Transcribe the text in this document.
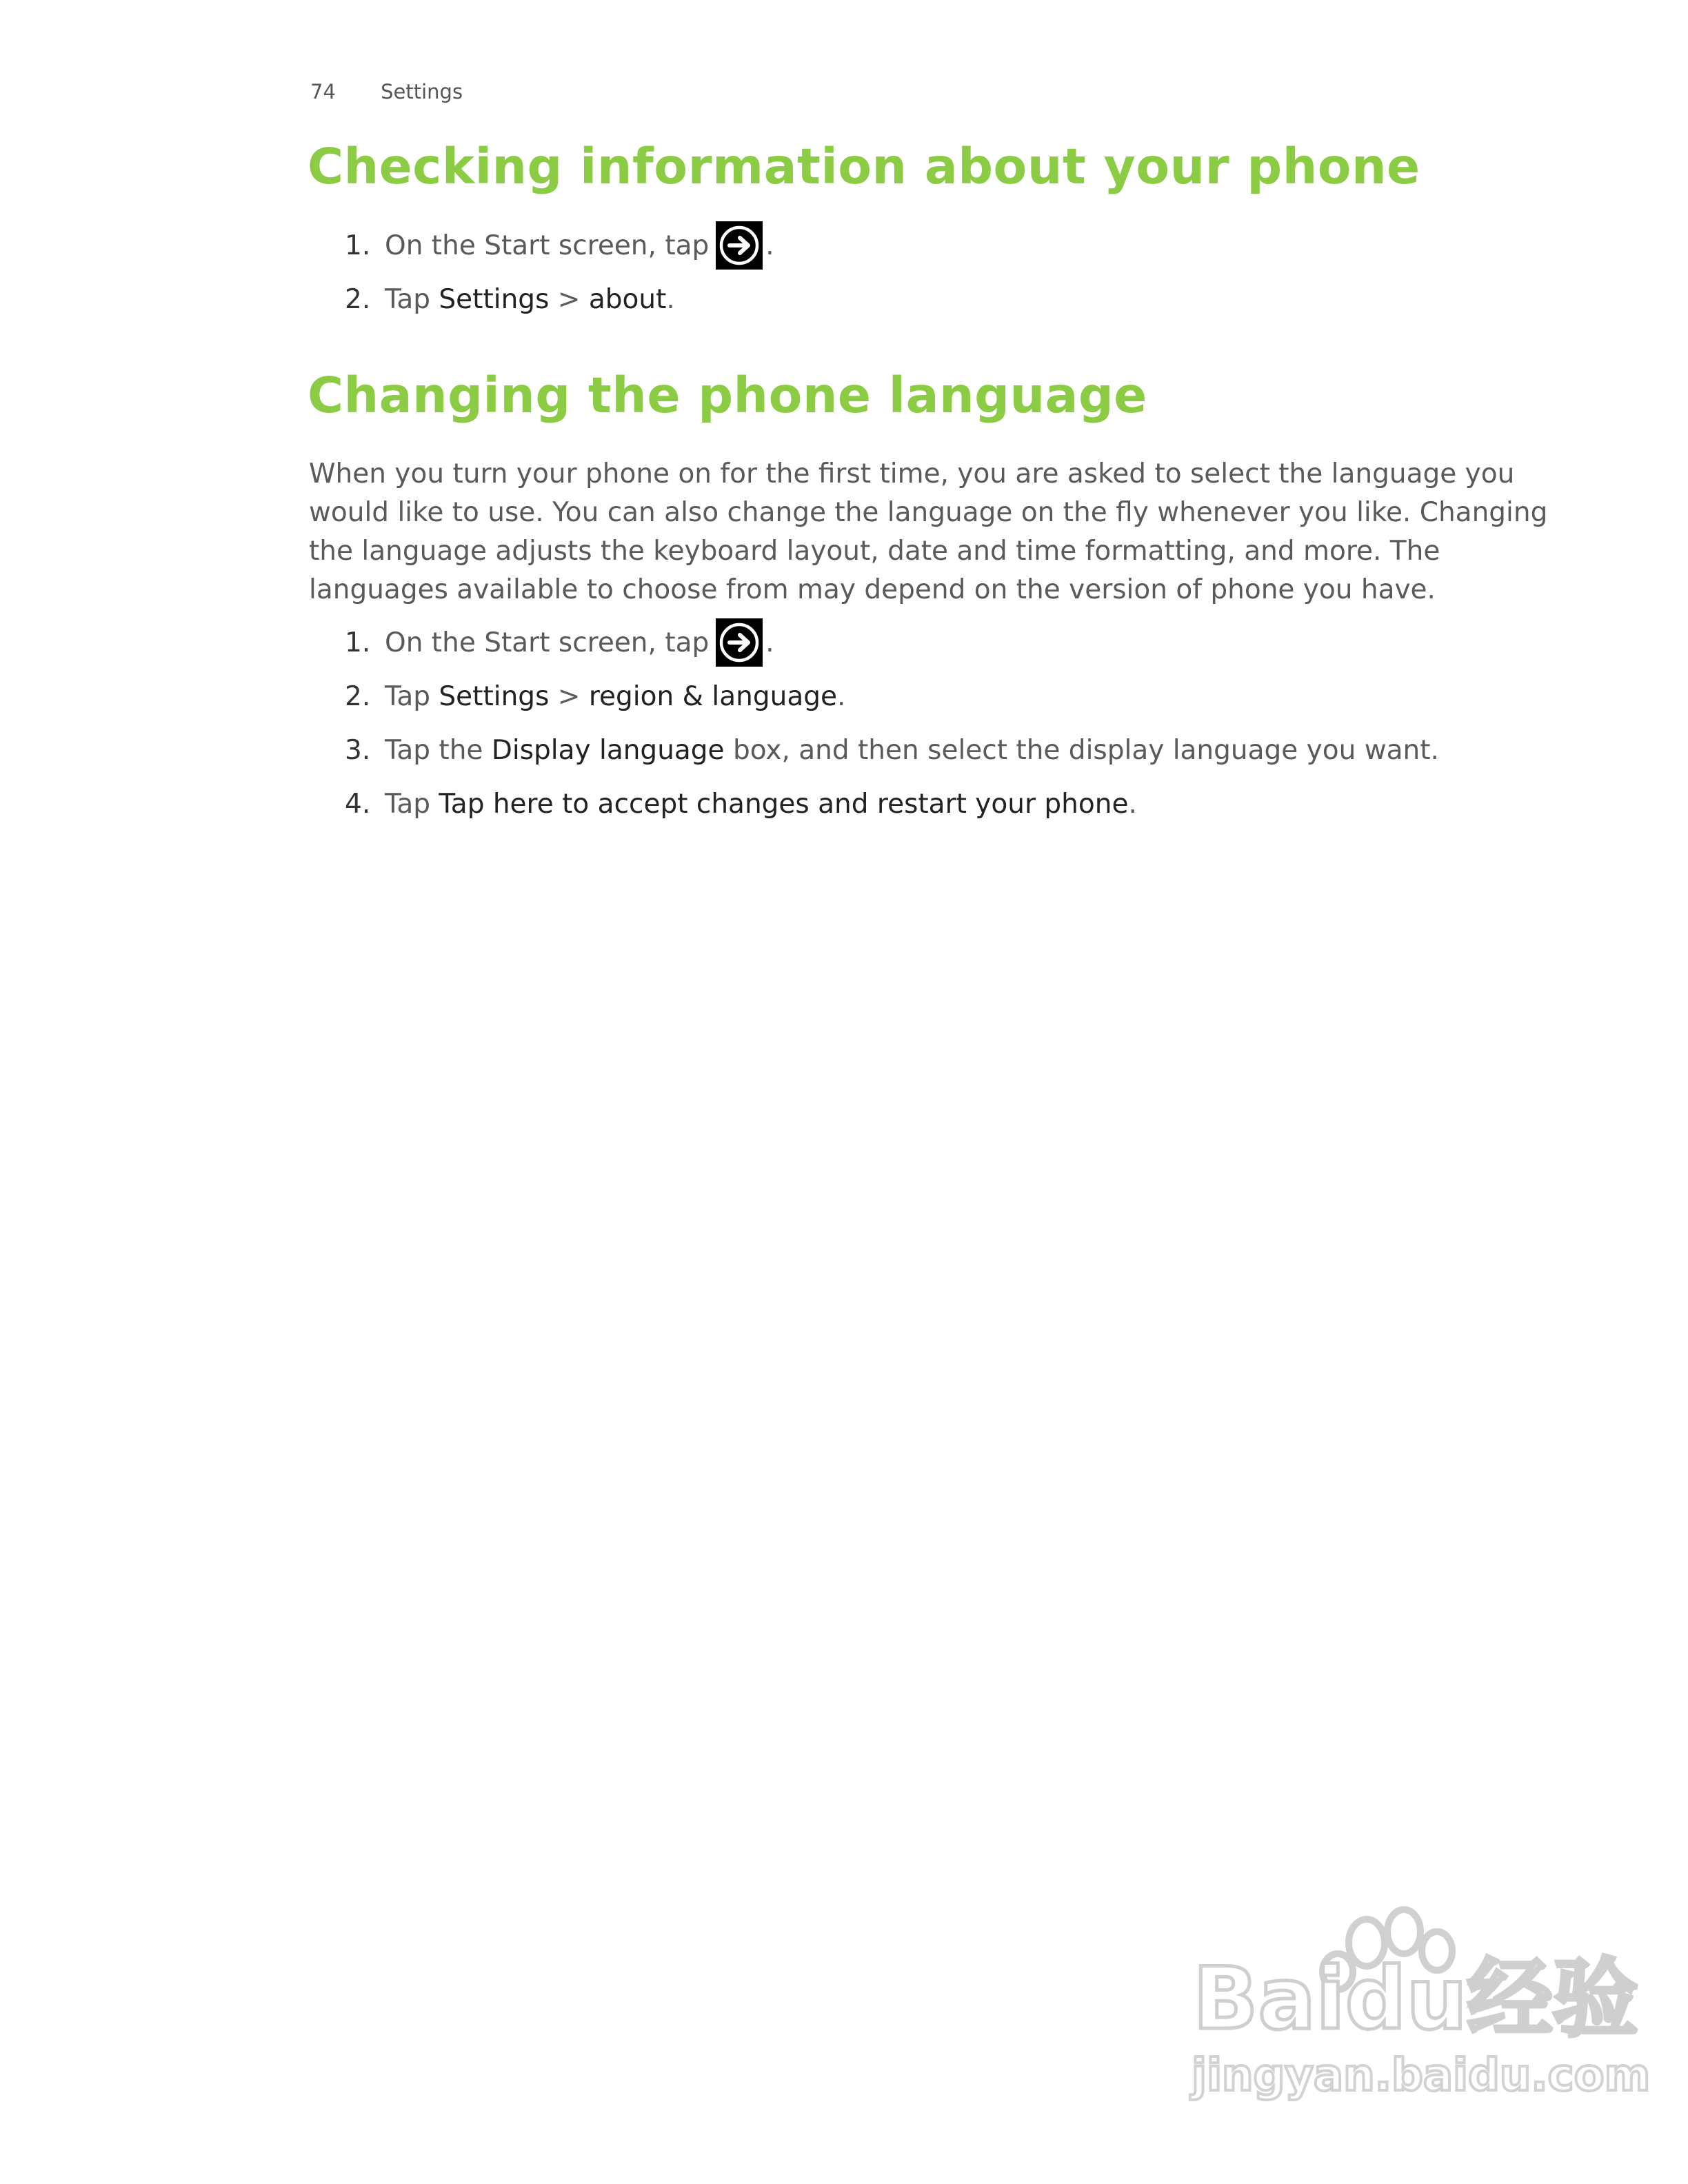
74 Settings
Checking information about your phone
1. On the Start screen, tap .
2. Tap Settings > about.
Changing the phone language

When you turn your phone on for the first time, you are asked to select the language you would like to use. You can also change the language on the fly whenever you like. Changing the language adjusts the keyboard layout, date and time formatting, and more. The languages available to choose from may depend on the version of phone you have.

1. On the Start screen, tap .
2. Tap Settings > region & language.
3. Tap the Display language box, and then select the display language you want.
4. Tap Tap here to accept changes and restart your phone.
Baidu经验
jingyan.baidu.com
